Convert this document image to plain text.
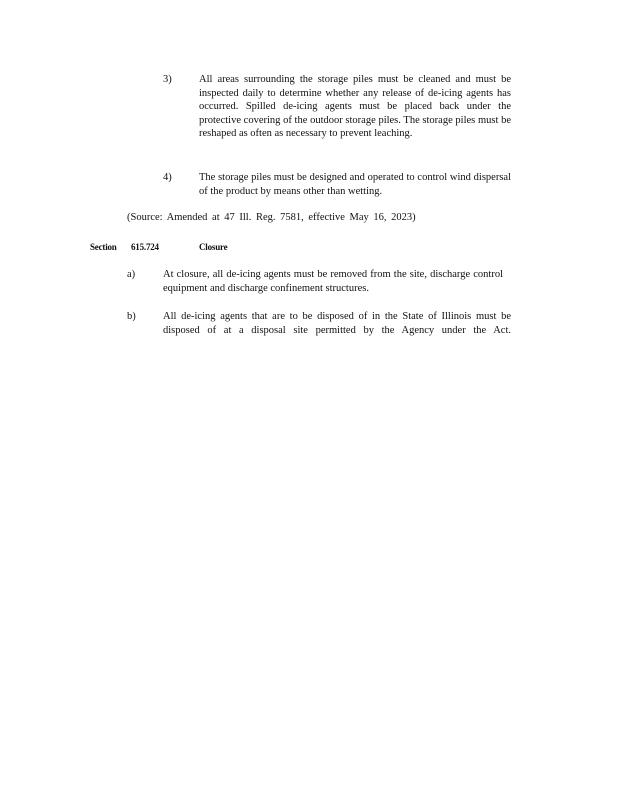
3)	All areas surrounding the storage piles must be cleaned and must be inspected daily to determine whether any release of de-icing agents has occurred. Spilled de-icing agents must be placed back under the protective covering of the outdoor storage piles. The storage piles must be reshaped as often as necessary to prevent leaching.
4)	The storage piles must be designed and operated to control wind dispersal of the product by means other than wetting.
(Source: Amended at 47 Ill. Reg. 7581, effective May 16, 2023)
Section 615.724	Closure
a)	At closure, all de-icing agents must be removed from the site, discharge control equipment and discharge confinement structures.
b)	All de-icing agents that are to be disposed of in the State of Illinois must be disposed of at a disposal site permitted by the Agency under the Act.
